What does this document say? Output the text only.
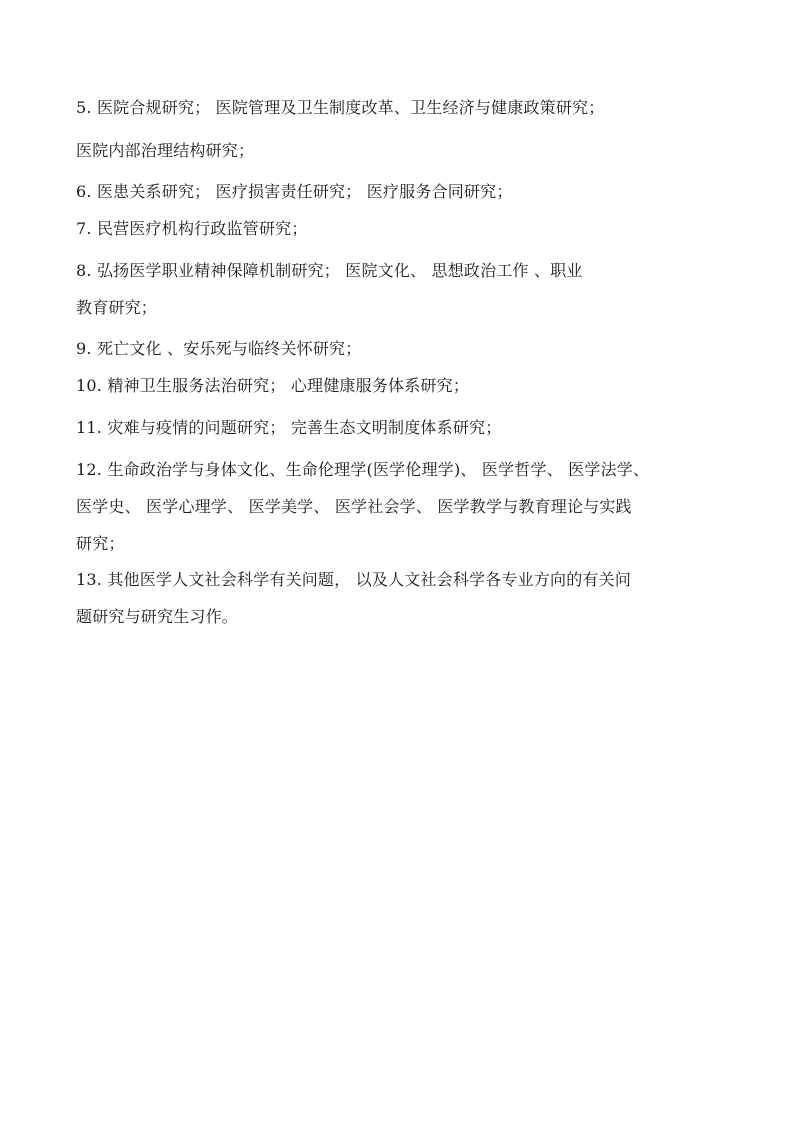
5. 医院合规研究； 医院管理及卫生制度改革、卫生经济与健康政策研究；
医院内部治理结构研究；
6. 医患关系研究； 医疗损害责任研究； 医疗服务合同研究；
7. 民营医疗机构行政监管研究；
8. 弘扬医学职业精神保障机制研究； 医院文化、 思想政治工作 、职业
教育研究；
9. 死亡文化 、安乐死与临终关怀研究；
10. 精神卫生服务法治研究； 心理健康服务体系研究；
11. 灾难与疫情的问题研究； 完善生态文明制度体系研究；
12. 生命政治学与身体文化、生命伦理学(医学伦理学)、 医学哲学、 医学法学、
医学史、 医学心理学、 医学美学、 医学社会学、 医学教学与教育理论与实践
研究；
13. 其他医学人文社会科学有关问题， 以及人文社会科学各专业方向的有关问
题研究与研究生习作。
